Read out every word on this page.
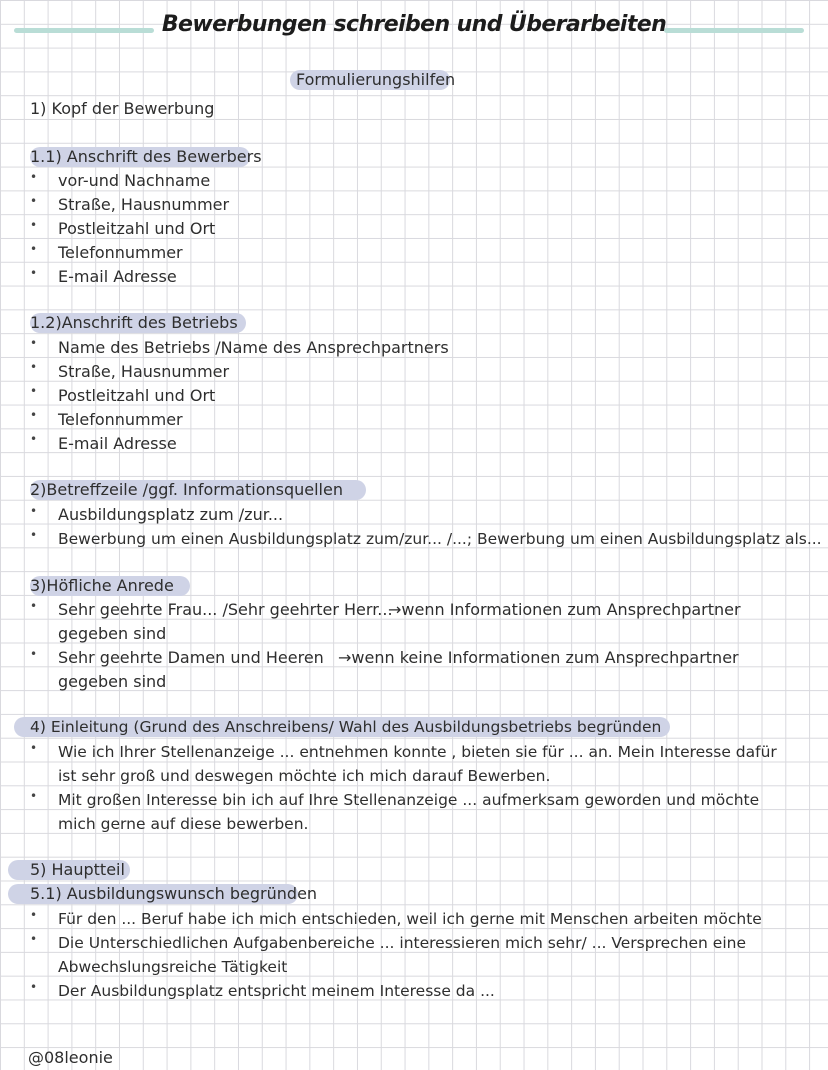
Bewerbungen schreiben und Überarbeiten
Formulierungshilfen
1) Kopf der Bewerbung
1.1) Anschrift des Bewerbers
•
vor-und Nachname
•
Straße, Hausnummer
•
Postleitzahl und Ort
•
Telefonnummer
•
E-mail Adresse
1.2)Anschrift des Betriebs
•
Name des Betriebs /Name des Ansprechpartners
•
Straße, Hausnummer
•
Postleitzahl und Ort
•
Telefonnummer
•
E-mail Adresse
2)Betreffzeile /ggf. Informationsquellen
•
Ausbildungsplatz zum /zur...
•
Bewerbung um einen Ausbildungsplatz zum/zur... /...; Bewerbung um einen Ausbildungsplatz als...
3)Höfliche Anrede
•
Sehr geehrte Frau... /Sehr geehrter Herr...
→wenn Informationen zum Ansprechpartner
gegeben sind
•
Sehr geehrte Damen und Heeren →wenn keine Informationen zum Ansprechpartner
gegeben sind
4) Einleitung (Grund des Anschreibens/ Wahl des Ausbildungsbetriebs begründen
•
Wie ich Ihrer Stellenanzeige ... entnehmen konnte , bieten sie für ... an. Mein Interesse dafür
ist sehr groß und deswegen möchte ich mich darauf Bewerben.
•
Mit großen Interesse bin ich auf Ihre Stellenanzeige ... aufmerksam geworden und möchte
mich gerne auf diese bewerben.
5) Hauptteil
5.1) Ausbildungswunsch begründen
•
Für den ... Beruf habe ich mich entschieden, weil ich gerne mit Menschen arbeiten möchte
•
Die Unterschiedlichen Aufgabenbereiche ... interessieren mich sehr/ ... Versprechen eine
Abwechslungsreiche Tätigkeit
•
Der Ausbildungsplatz entspricht meinem Interesse da ...
@08leonie
